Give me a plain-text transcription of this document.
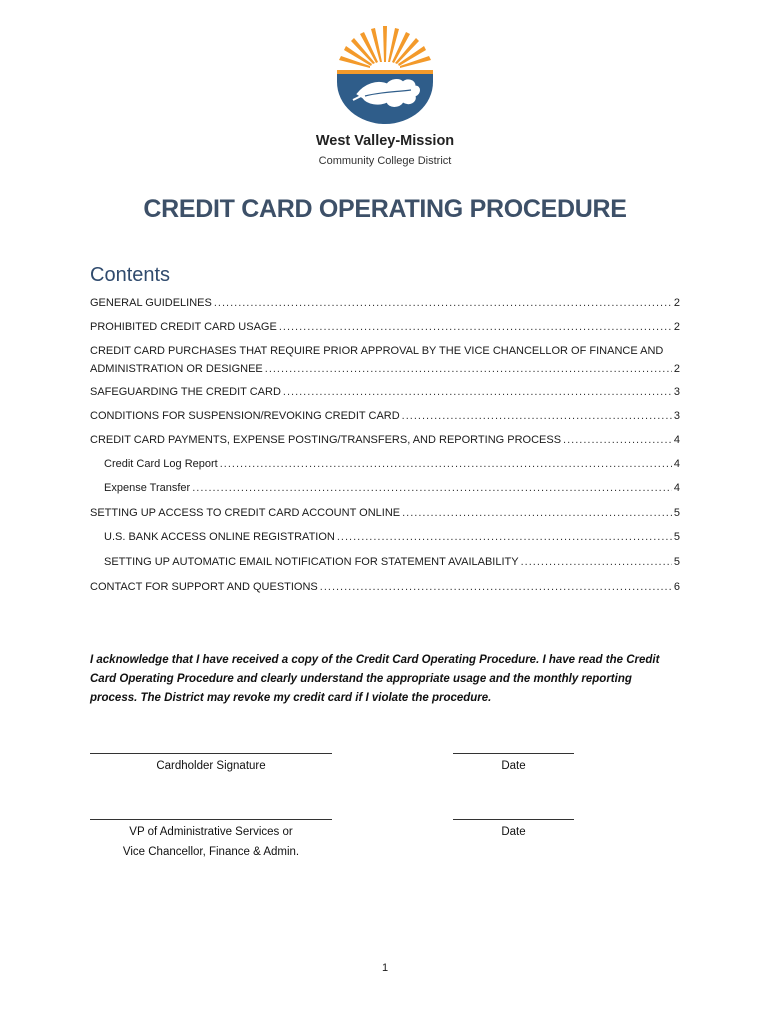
West Valley-Mission
Community College District
CREDIT CARD OPERATING PROCEDURE
Contents
GENERAL GUIDELINES .....	2
PROHIBITED CREDIT CARD USAGE .....	2
CREDIT CARD PURCHASES THAT REQUIRE PRIOR APPROVAL BY THE VICE CHANCELLOR OF FINANCE AND
ADMINISTRATION OR DESIGNEE .....	2
SAFEGUARDING THE CREDIT CARD .....	3
CONDITIONS FOR SUSPENSION/REVOKING CREDIT CARD .....	3
CREDIT CARD PAYMENTS, EXPENSE POSTING/TRANSFERS, AND REPORTING PROCESS .....	4
Credit Card Log Report .....	4
Expense Transfer .....	4
SETTING UP ACCESS TO CREDIT CARD ACCOUNT ONLINE .....	5
U.S. BANK ACCESS ONLINE REGISTRATION .....	5
SETTING UP AUTOMATIC EMAIL NOTIFICATION FOR STATEMENT AVAILABILITY .....	5
CONTACT FOR SUPPORT AND QUESTIONS .....	6
I acknowledge that I have received a copy of the Credit Card Operating Procedure. I have read the Credit Card Operating Procedure and clearly understand the appropriate usage and the monthly reporting process. The District may revoke my credit card if I violate the procedure.
Cardholder Signature	Date
VP of Administrative Services or
Vice Chancellor, Finance & Admin.
Date
1
